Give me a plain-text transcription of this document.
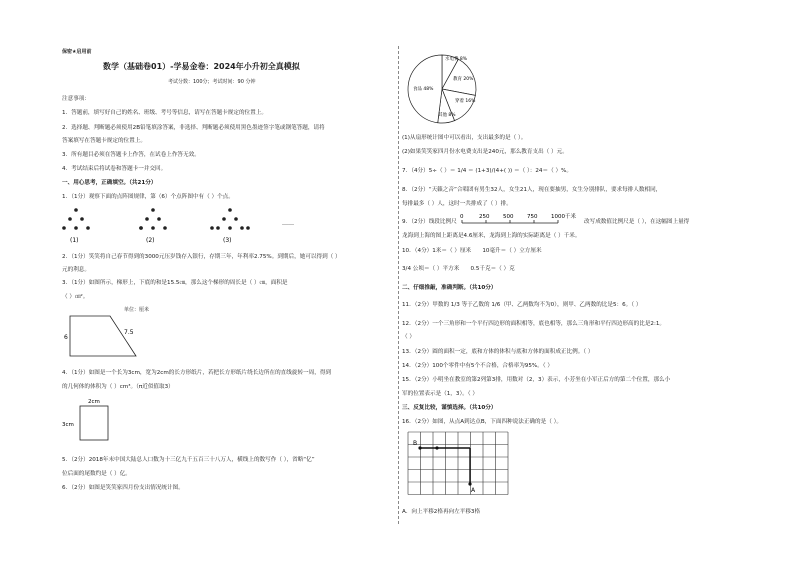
保密★启用前
数学（基础卷01）-学易金卷：2024年小升初全真模拟
考试分数：100分；考试时间：90 分钟
注意事项：
1．答题前，填写好自己的姓名、班级、考号等信息，请写在答题卡规定的位置上。
2．选择题、判断题必须使用2B铅笔填涂答案，非选择、判断题必须使用黑色墨迹签字笔或钢笔答题，请将
答案填写在答题卡规定的位置上。
3．所有题目必须在答题卡上作答，在试卷上作答无效。
4．考试结束后将试卷和答题卡一并交回。
一、用心思考，正确填空。（共21分）
1．（1分）观察下面的点阵图规律，第（6）个点阵图中有（ ）个点。
(1)	(2)	(3)
……
2．（1分）笑笑将自己春节得到的3000元压岁钱存入银行，存期三年，年利率2.75%。到期后，她可以得到（ ）
元的利息。
3．（1分）如图所示，梯形上，下底的和是15.5㎝，那么这个梯形的周长是（ ）㎝，面积是
（ ）㎝²。
单位：厘米
6
7.5
4．（1分）如图是一个长为3cm，宽为2cm的长方形纸片，若把长方形纸片绕长边所在的直线旋转一周，得到
的几何体的体积为（ ）cm³。（π近似值取3）
2cm
3cm
5．（2分）2018年末中国大陆总人口数为十三亿九千五百三十八万人，横线上的数写作（ ），省略“亿”
位后面的尾数约是（ ）亿。
6．（2分）如图是笑笑家四月份支出情况统计图。
水电费 8%
教育 20%
穿着 16%
其他 8%
食品 48%
(1)从扇形统计图中可以看出，支出最多的是（ ）。
(2)如果笑笑家四月份水电费支出是240元，那么教育支出（ ）元。
7．（4分）5÷（ ）＝ 1/4 ＝ (1+3)/(4+( )) ＝（ ）：24＝（ ）%。
8．（2分）“天籁之音”合唱团有男生32人，女生21人，现在要抽男，女生分别排队，要求每排人数相同，
每排最多（ ）人，这时一共排成了（ ）排。
9．（2分）线段比例尺
0	250 500 750 1000千米
改写成数值比例尺是（ ），在这幅图上量得
龙海到上海的图上距离是4.6厘米，龙海到上海的实际距离是（ ）千米。
10．（4分）1米＝（ ）厘米　　10毫升＝（ ）立方厘米
3/4 公顷＝（ ）平方米　　0.5千克＝（ ）克
二、仔细推敲，准确判断。（共10分）
11．（2分）甲数的 1/3 等于乙数的 1/6（甲、乙两数均不为0），则甲、乙两数的比是5：6。（ ）
12．（2分）一个三角形和一个平行四边形的面积相等，底也相等，那么三角形和平行四边形高的比是2:1。
（ ）
13．（2分）圆的面积一定，底和方体的体积与底和方体的面积成正比例。（ ）
14．（2分）100个零件中有5个不合格，合格率为95%。（ ）
15．（2分）小明坐在教室的第2列第3排，用数对（2，3）表示，小芳坐在小军正后方的第二个位置，那么小
军的位置表示是（1，3）。（ ）
三、反复比较，谨慎选择。（共10分）
16．（2分）如图，从点A到达点B，下面四种说法正确的是（ ）。
B
A
A．向上平移2格再向左平移3格
